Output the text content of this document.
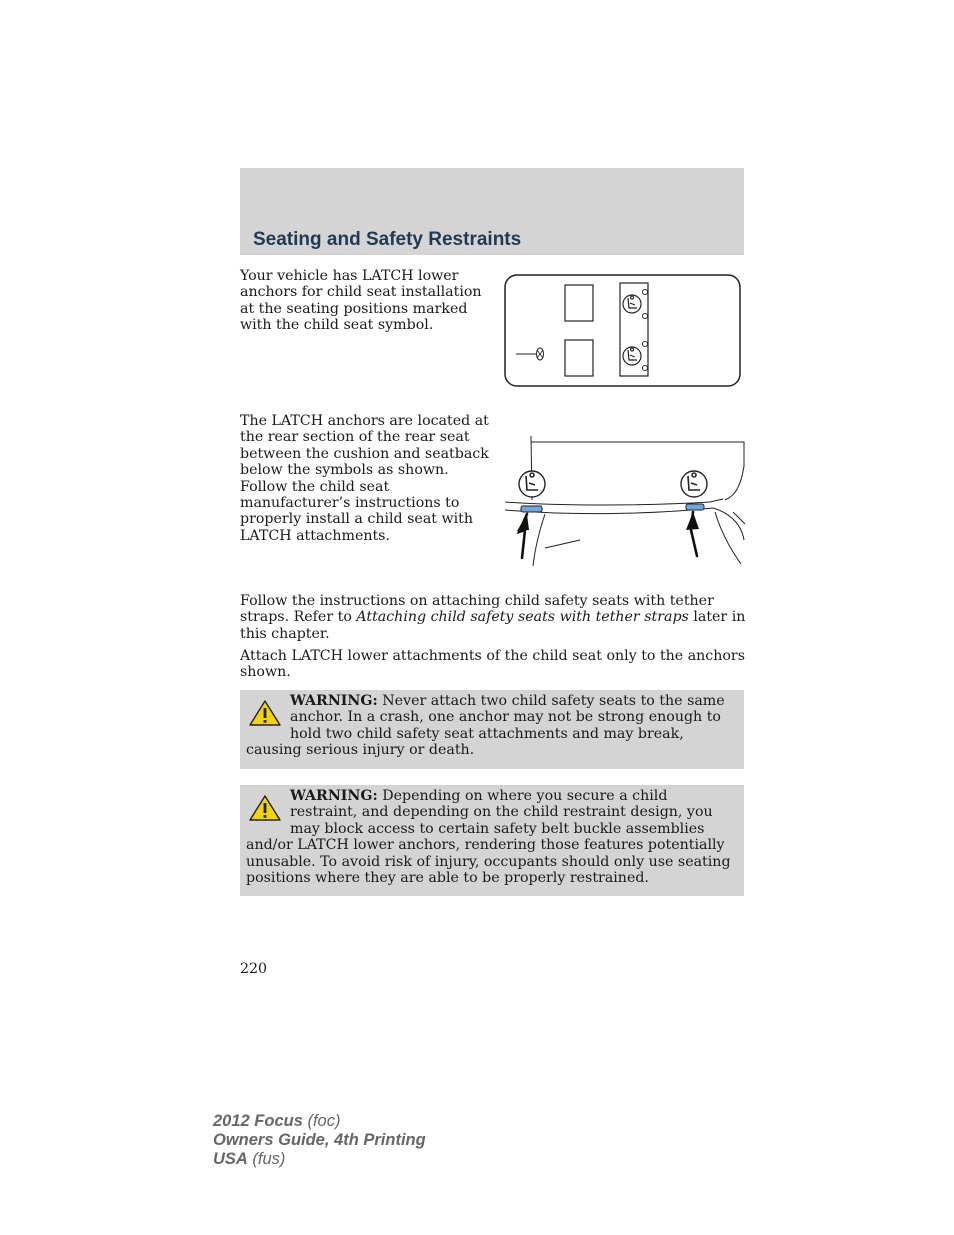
Seating and Safety Restraints

Your vehicle has LATCH lower anchors for child seat installation at the seating positions marked with the child seat symbol.

The LATCH anchors are located at the rear section of the rear seat between the cushion and seatback below the symbols as shown. Follow the child seat manufacturer’s instructions to properly install a child seat with LATCH attachments.

Follow the instructions on attaching child safety seats with tether straps. Refer to Attaching child safety seats with tether straps later in this chapter.

Attach LATCH lower attachments of the child seat only to the anchors shown.

WARNING: Never attach two child safety seats to the same anchor. In a crash, one anchor may not be strong enough to hold two child safety seat attachments and may break, causing serious injury or death.
WARNING: Depending on where you secure a child restraint, and depending on the child restraint design, you may block access to certain safety belt buckle assemblies and/or LATCH lower anchors, rendering those features potentially unusable. To avoid risk of injury, occupants should only use seating positions where they are able to be properly restrained.

220

2012 Focus (foc)
Owners Guide, 4th Printing
USA (fus)
